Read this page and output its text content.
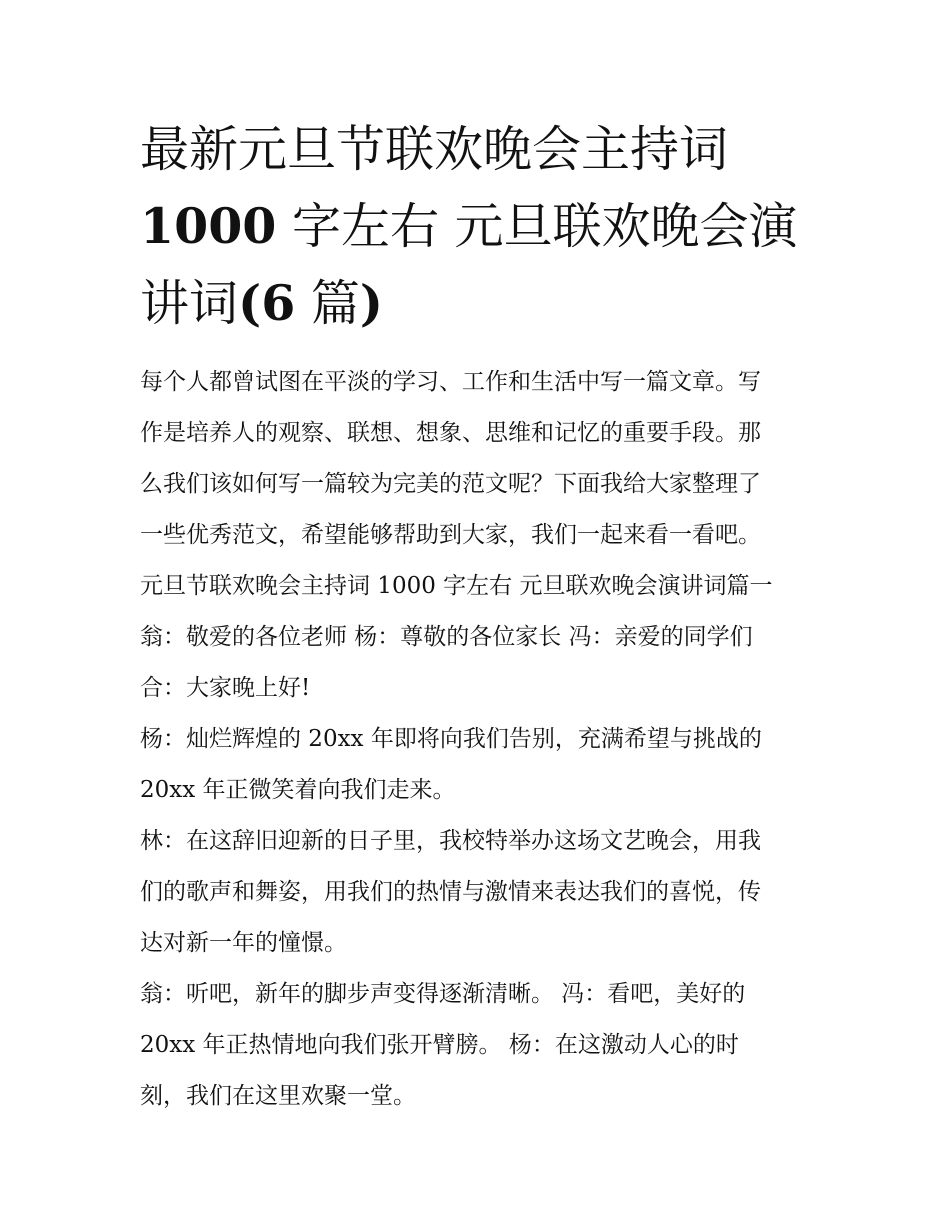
最新元旦节联欢晚会主持词
1000 字左右 元旦联欢晚会演
讲词(6 篇)

每个人都曾试图在平淡的学习、工作和生活中写一篇文章。写

作是培养人的观察、联想、想象、思维和记忆的重要手段。那

么我们该如何写一篇较为完美的范文呢？下面我给大家整理了

一些优秀范文，希望能够帮助到大家，我们一起来看一看吧。

元旦节联欢晚会主持词 1000 字左右 元旦联欢晚会演讲词篇一

翁：敬爱的各位老师 杨：尊敬的各位家长 冯：亲爱的同学们

合：大家晚上好!

杨：灿烂辉煌的 20xx 年即将向我们告别，充满希望与挑战的

20xx 年正微笑着向我们走来。

林：在这辞旧迎新的日子里，我校特举办这场文艺晚会，用我

们的歌声和舞姿，用我们的热情与激情来表达我们的喜悦，传

达对新一年的憧憬。

翁：听吧，新年的脚步声变得逐渐清晰。 冯：看吧，美好的

20xx 年正热情地向我们张开臂膀。 杨：在这激动人心的时

刻，我们在这里欢聚一堂。
